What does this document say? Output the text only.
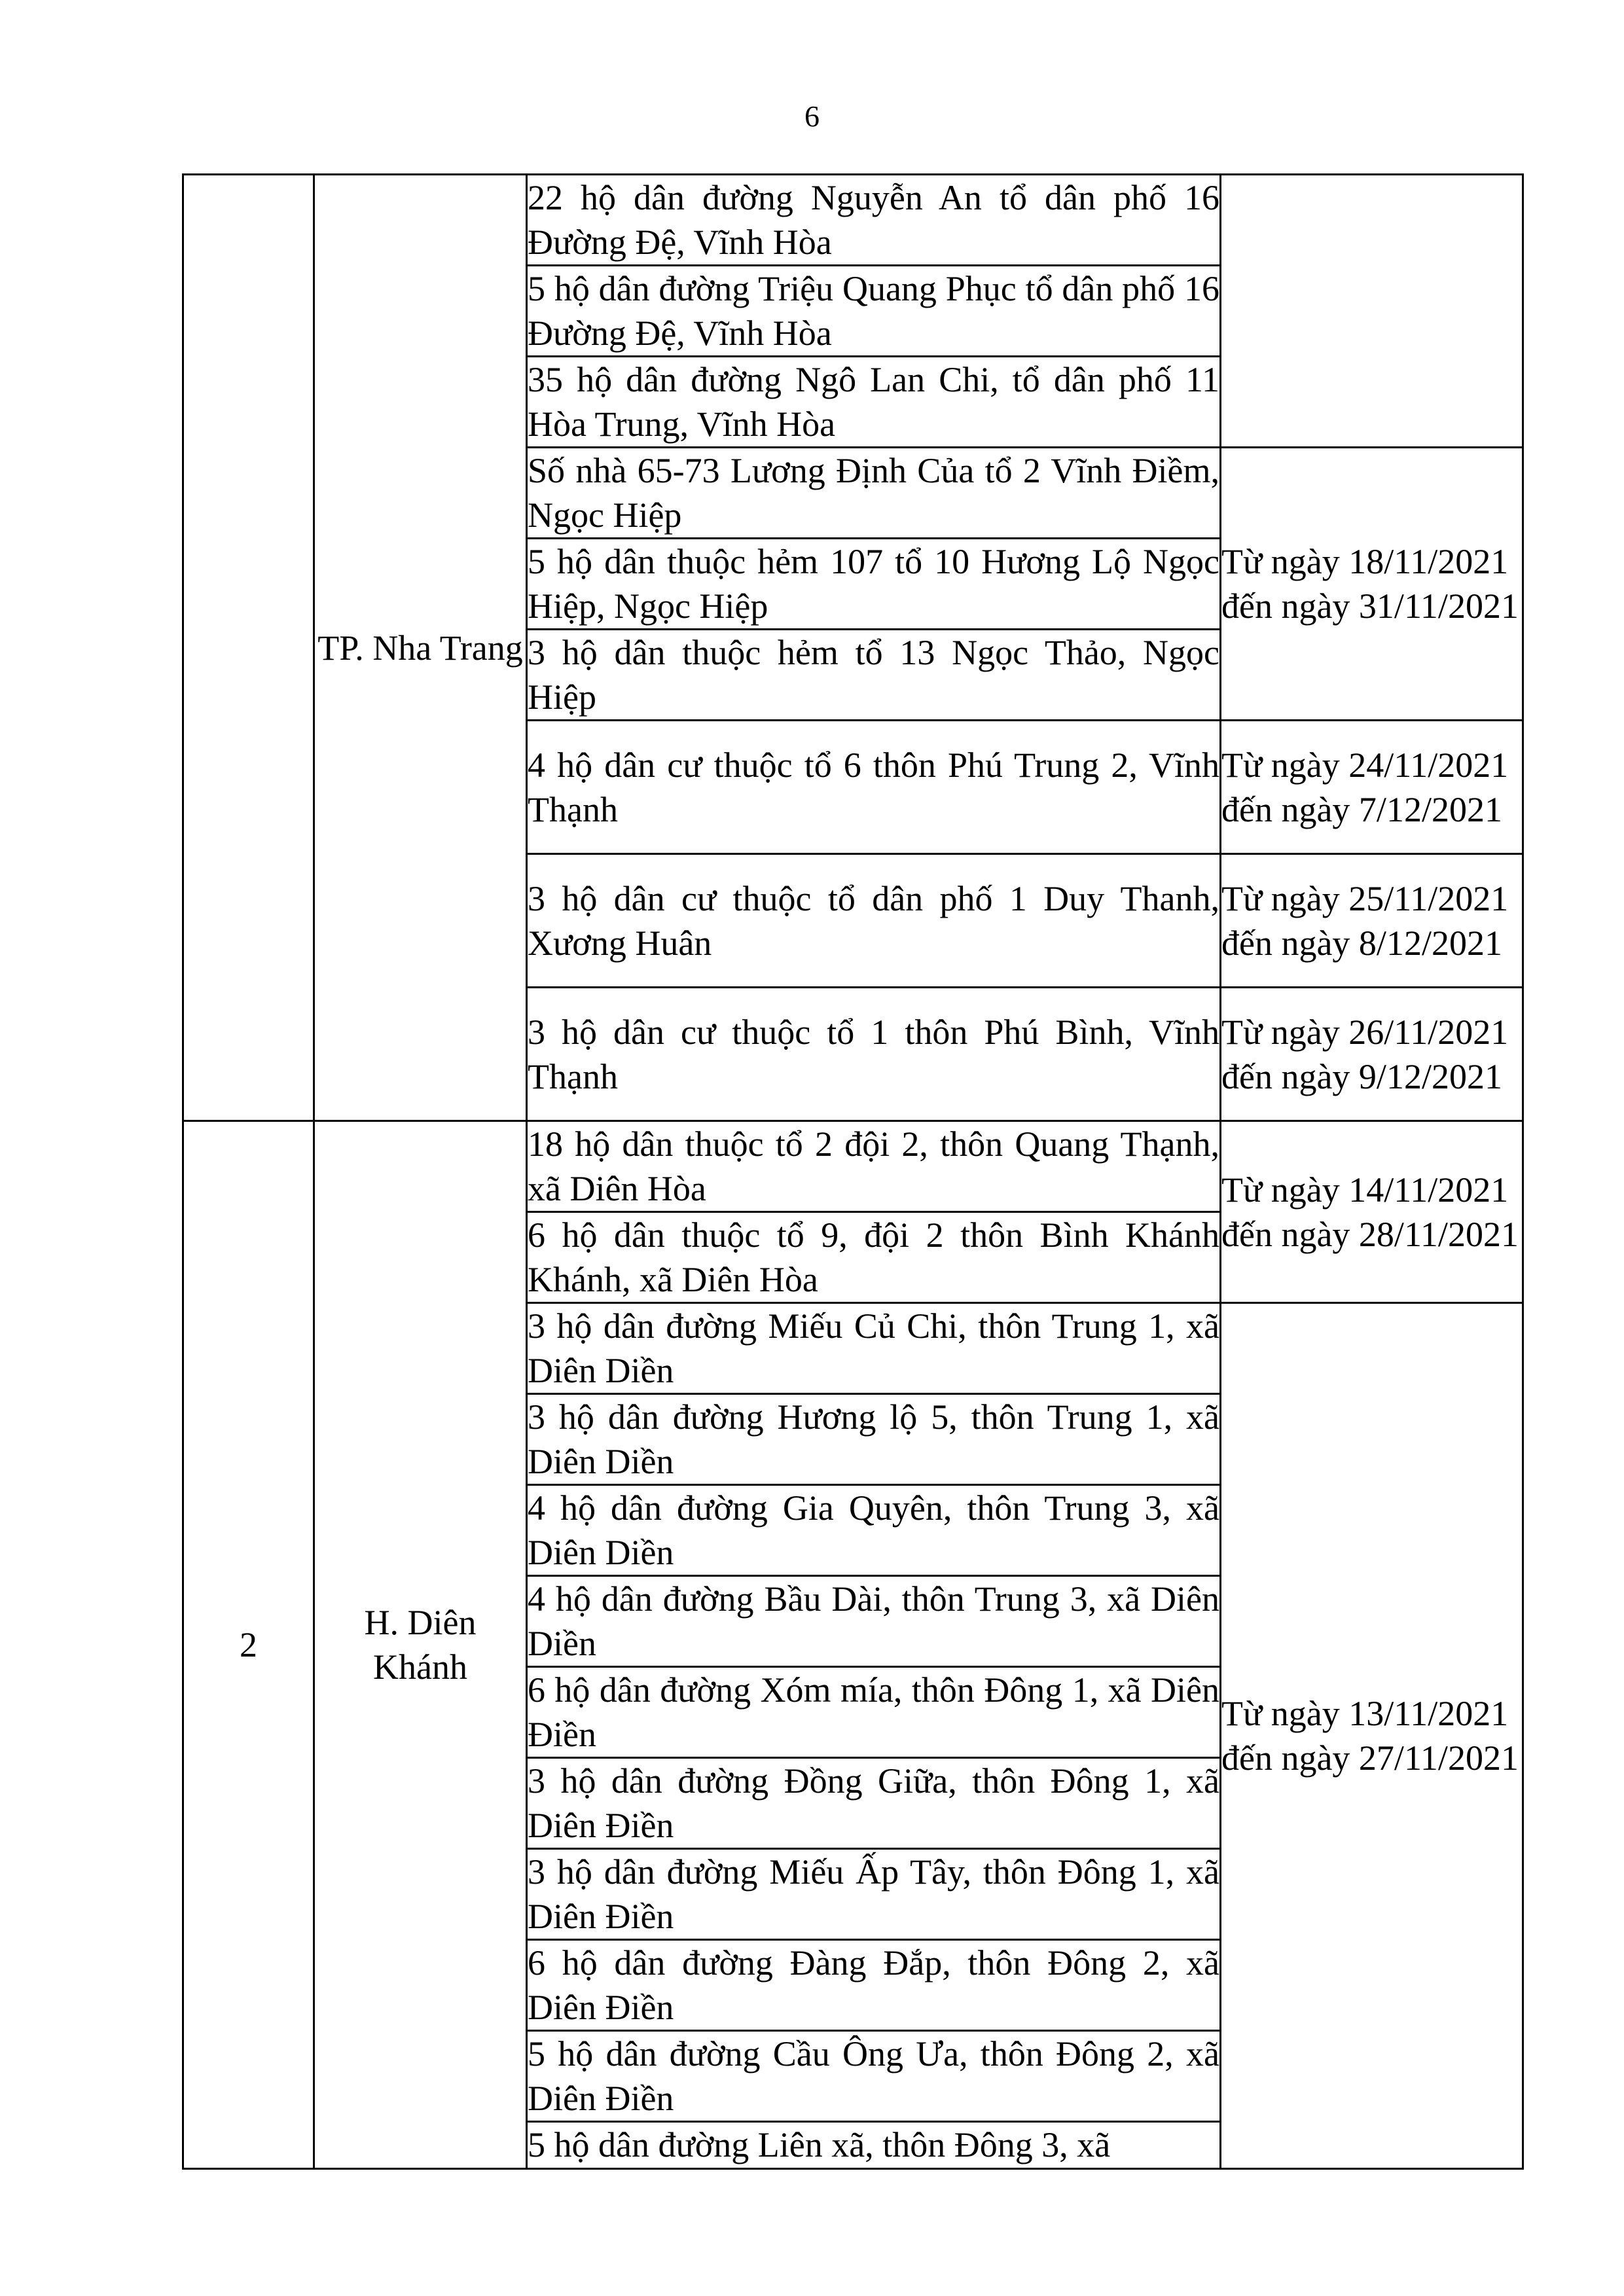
6
	TP. Nha Trang	22 hộ dân đường Nguyễn An tổ dân phố 16 Đường Đệ, Vĩnh Hòa	
		5 hộ dân đường Triệu Quang Phục tổ dân phố 16 Đường Đệ, Vĩnh Hòa	
		35 hộ dân đường Ngô Lan Chi, tổ dân phố 11 Hòa Trung, Vĩnh Hòa	
		Số nhà 65-73 Lương Định Của tổ 2 Vĩnh Điềm, Ngọc Hiệp	Từ ngày 18/11/2021 đến ngày 31/11/2021
		5 hộ dân thuộc hẻm 107 tổ 10 Hương Lộ Ngọc Hiệp, Ngọc Hiệp	
		3 hộ dân thuộc hẻm tổ 13 Ngọc Thảo, Ngọc Hiệp	
		4 hộ dân cư thuộc tổ 6 thôn Phú Trung 2, Vĩnh Thạnh	Từ ngày 24/11/2021 đến ngày 7/12/2021
		3 hộ dân cư thuộc tổ dân phố 1 Duy Thanh, Xương Huân	Từ ngày 25/11/2021 đến ngày 8/12/2021
		3 hộ dân cư thuộc tổ 1 thôn Phú Bình, Vĩnh Thạnh	Từ ngày 26/11/2021 đến ngày 9/12/2021
2	H. Diên Khánh	18 hộ dân thuộc tổ 2 đội 2, thôn Quang Thạnh, xã Diên Hòa	Từ ngày 14/11/2021 đến ngày 28/11/2021
		6 hộ dân thuộc tổ 9, đội 2 thôn Bình Khánh Khánh, xã Diên Hòa	
		3 hộ dân đường Miếu Củ Chi, thôn Trung 1, xã Diên Diền	Từ ngày 13/11/2021 đến ngày 27/11/2021
		3 hộ dân đường Hương lộ 5, thôn Trung 1, xã Diên Diền	
		4 hộ dân đường Gia Quyên, thôn Trung 3, xã Diên Diền	
		4 hộ dân đường Bầu Dài, thôn Trung 3, xã Diên Diền	
		6 hộ dân đường Xóm mía, thôn Đông 1, xã Diên Điền	
		3 hộ dân đường Đồng Giữa, thôn Đông 1, xã Diên Điền	
		3 hộ dân đường Miếu Ấp Tây, thôn Đông 1, xã Diên Điền	
		6 hộ dân đường Đàng Đắp, thôn Đông 2, xã Diên Điền	
		5 hộ dân đường Cầu Ông Ưa, thôn Đông 2, xã Diên Điền	
		5 hộ dân đường Liên xã, thôn Đông 3, xã	
